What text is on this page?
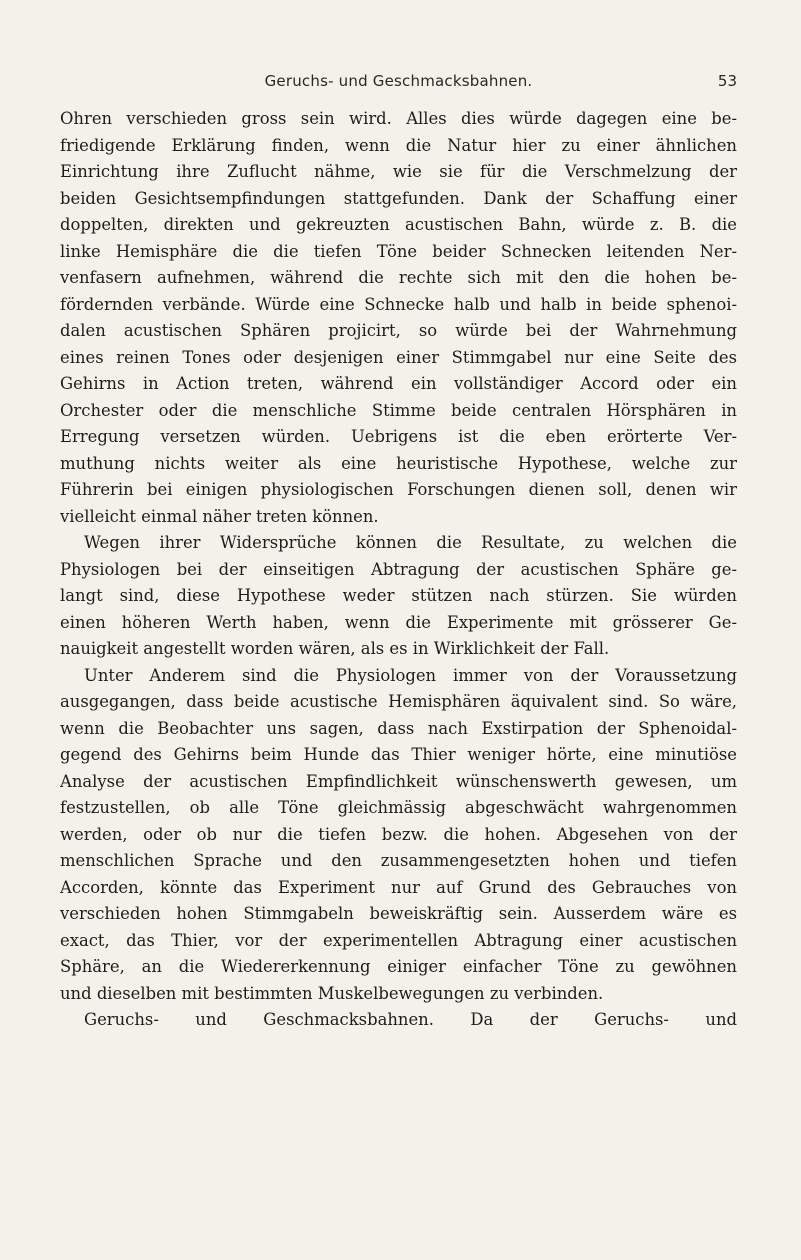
Geruchs- und Geschmacksbahnen.	53
Ohren verschieden gross sein wird. Alles dies würde dagegen eine be-
friedigende Erklärung finden, wenn die Natur hier zu einer ähnlichen
Einrichtung ihre Zuflucht nähme, wie sie für die Verschmelzung der
beiden Gesichtsempfindungen stattgefunden. Dank der Schaffung einer
doppelten, direkten und gekreuzten acustischen Bahn, würde z. B. die
linke Hemisphäre die die tiefen Töne beider Schnecken leitenden Ner-
venfasern aufnehmen, während die rechte sich mit den die hohen be-
fördernden verbände. Würde eine Schnecke halb und halb in beide sphenoi-
dalen acustischen Sphären projicirt, so würde bei der Wahrnehmung
eines reinen Tones oder desjenigen einer Stimmgabel nur eine Seite des
Gehirns in Action treten, während ein vollständiger Accord oder ein
Orchester oder die menschliche Stimme beide centralen Hörsphären in
Erregung versetzen würden. Uebrigens ist die eben erörterte Ver-
muthung nichts weiter als eine heuristische Hypothese, welche zur
Führerin bei einigen physiologischen Forschungen dienen soll, denen wir
vielleicht einmal näher treten können.
Wegen ihrer Widersprüche können die Resultate, zu welchen die
Physiologen bei der einseitigen Abtragung der acustischen Sphäre ge-
langt sind, diese Hypothese weder stützen nach stürzen. Sie würden
einen höheren Werth haben, wenn die Experimente mit grösserer Ge-
nauigkeit angestellt worden wären, als es in Wirklichkeit der Fall.
Unter Anderem sind die Physiologen immer von der Voraussetzung
ausgegangen, dass beide acustische Hemisphären äquivalent sind. So wäre,
wenn die Beobachter uns sagen, dass nach Exstirpation der Sphenoidal-
gegend des Gehirns beim Hunde das Thier weniger hörte, eine minutiöse
Analyse der acustischen Empfindlichkeit wünschenswerth gewesen, um
festzustellen, ob alle Töne gleichmässig abgeschwächt wahrgenommen
werden, oder ob nur die tiefen bezw. die hohen. Abgesehen von der
menschlichen Sprache und den zusammengesetzten hohen und tiefen
Accorden, könnte das Experiment nur auf Grund des Gebrauches von
verschieden hohen Stimmgabeln beweiskräftig sein. Ausserdem wäre es
exact, das Thier, vor der experimentellen Abtragung einer acustischen
Sphäre, an die Wiedererkennung einiger einfacher Töne zu gewöhnen
und dieselben mit bestimmten Muskelbewegungen zu verbinden.
Geruchs- und Geschmacksbahnen. Da der Geruchs- und
